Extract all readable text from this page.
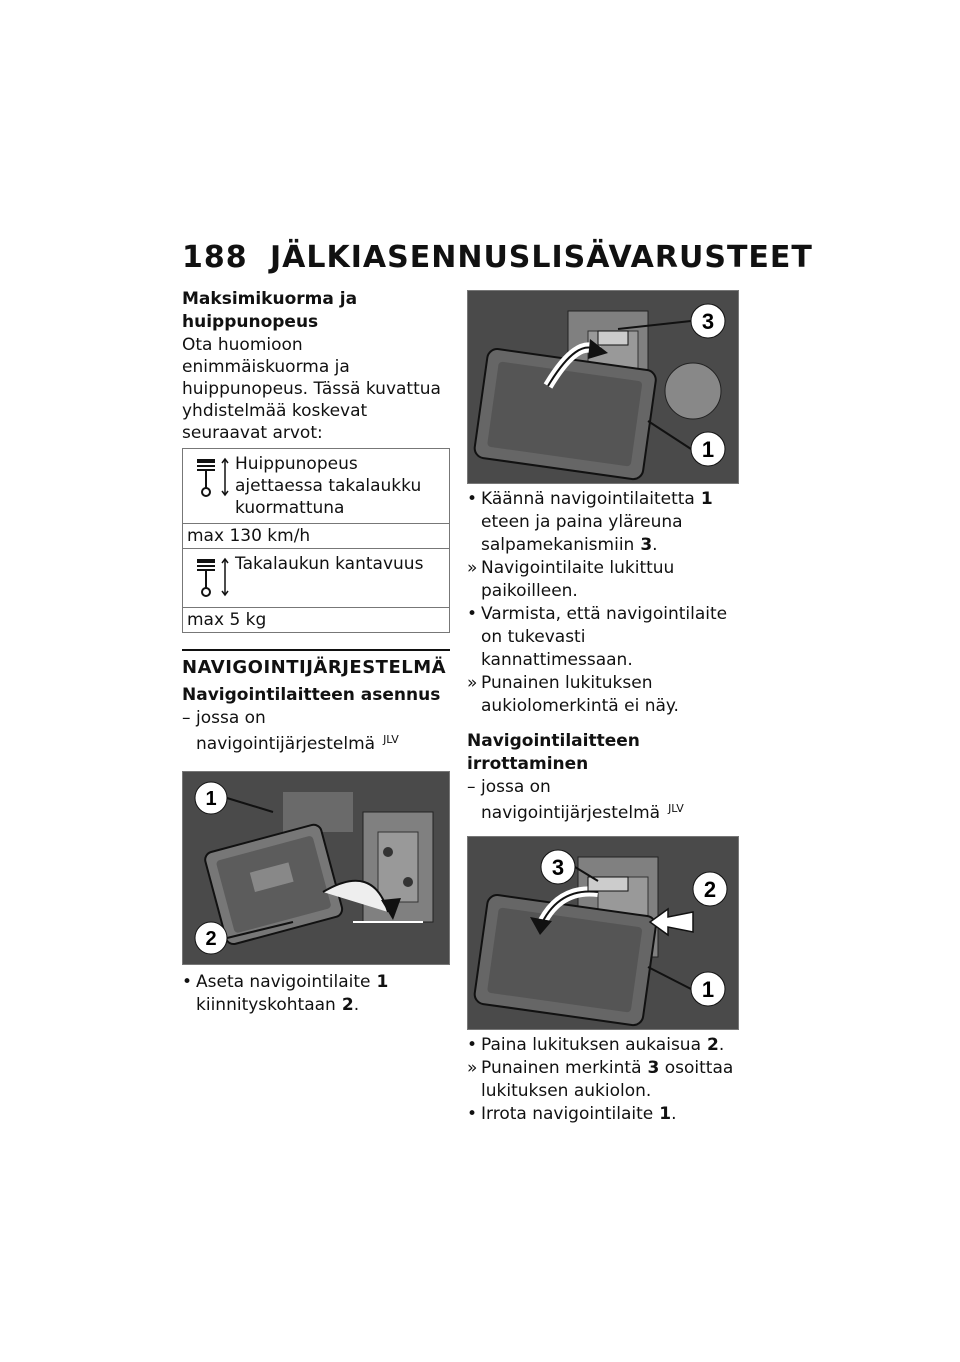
188 JÄLKIASENNUSLISÄVARUSTEET
Maksimikuorma ja huippunopeus
Ota huomioon enimmäiskuorma ja huippunopeus. Tässä kuvattua yhdistelmää koskevat seuraavat arvot:
Huippunopeus ajettaessa takalaukku kuormattuna
max 130 km/h
Takalaukun kantavuus
max 5 kg
NAVIGOINTIJÄRJESTELMÄ
Navigointilaitteen asennus
– jossa on navigointijärjestelmä $^{JLV}$
1
2
• Aseta navigointilaite 1 kiinnityskohtaan 2.
3
1
• Käännä navigointilaitetta 1 eteen ja paina yläreuna salpamekanismiin 3.
» Navigointilaite lukittuu paikoilleen.
• Varmista, että navigointilaite on tukevasti kannattimessaan.
» Punainen lukituksen aukiolomerkintä ei näy.
Navigointilaitteen irrottaminen
– jossa on navigointijärjestelmä $^{JLV}$
3
2
1
• Paina lukituksen aukaisua 2.
» Punainen merkintä 3 osoittaa lukituksen aukiolon.
• Irrota navigointilaite 1.
